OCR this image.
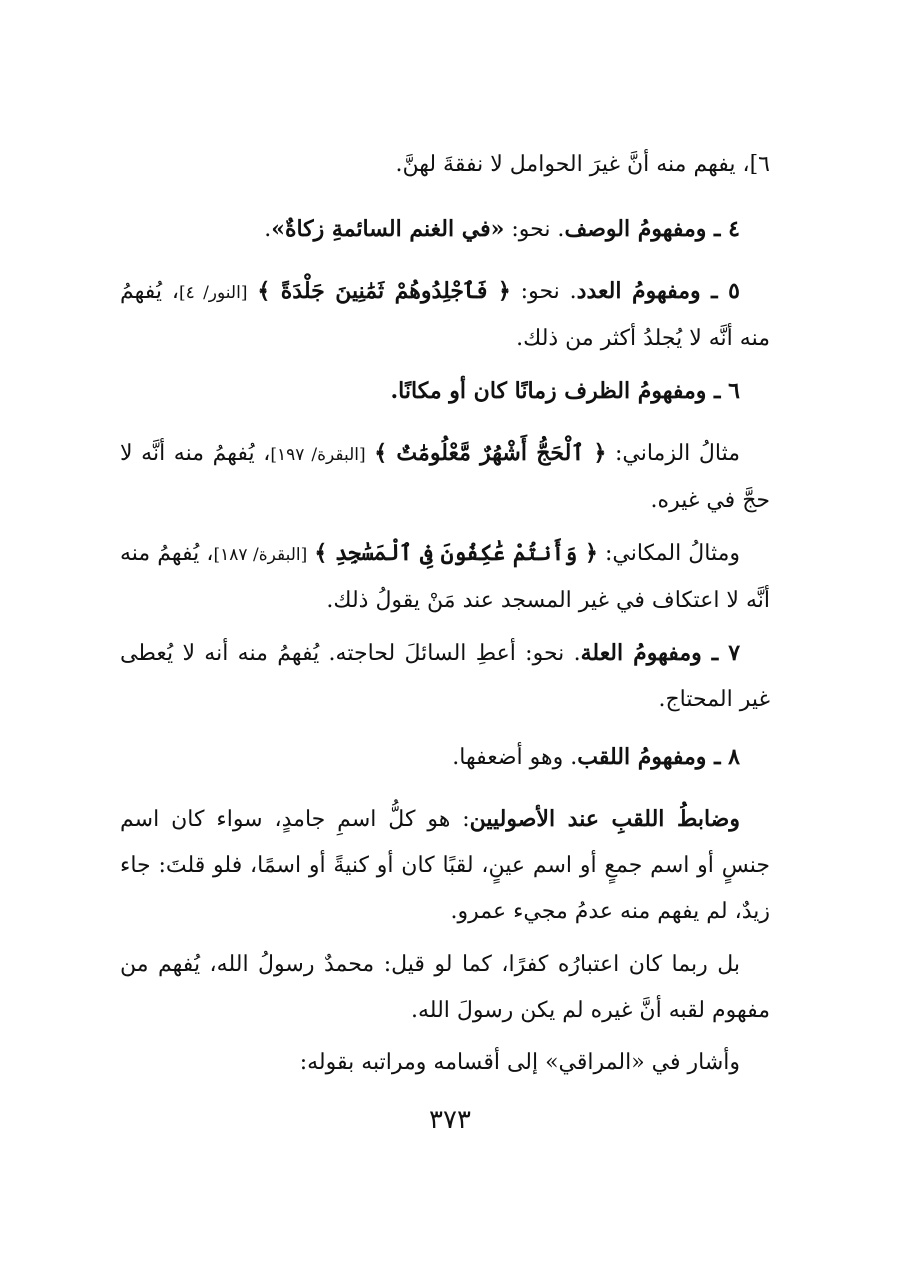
٦]، يفهم منه أنَّ غيرَ الحوامل لا نفقةَ لهنَّ.

٤ ـ ومفهومُ الوصف. نحو: «في الغنم السائمةِ زكاةٌ».

٥ ـ ومفهومُ العدد. نحو: ﴿ فَٱجْلِدُوهُمْ ثَمَٰنِينَ جَلْدَةً ﴾ [النور/ ٤]، يُفهمُ منه أنَّه لا يُجلدُ أكثر من ذلك.

٦ ـ ومفهومُ الظرف زمانًا كان أو مكانًا.

مثالُ الزماني: ﴿ ٱلْحَجُّ أَشْهُرٌ مَّعْلُومَٰتٌ ﴾ [البقرة/ ١٩٧]، يُفهمُ منه أنَّه لا حجَّ في غيره.

ومثالُ المكاني: ﴿ وَأَنتُمْ عَٰكِفُونَ فِى ٱلْمَسَٰجِدِ ﴾ [البقرة/ ١٨٧]، يُفهمُ منه أنَّه لا اعتكاف في غير المسجد عند مَنْ يقولُ ذلك.

٧ ـ ومفهومُ العلة. نحو: أعطِ السائلَ لحاجته. يُفهمُ منه أنه لا يُعطى غير المحتاج.

٨ ـ ومفهومُ اللقب. وهو أضعفها.

وضابطُ اللقبِ عند الأصوليين: هو كلُّ اسمِ جامدٍ، سواء كان اسم جنسٍ أو اسم جمعٍ أو اسم عينٍ، لقبًا كان أو كنيةً أو اسمًا، فلو قلتَ: جاء زيدٌ، لم يفهم منه عدمُ مجيء عمرو.

بل ربما كان اعتبارُه كفرًا، كما لو قيل: محمدٌ رسولُ الله، يُفهم من مفهوم لقبه أنَّ غيره لم يكن رسولَ الله.

وأشار في «المراقي» إلى أقسامه ومراتبه بقوله:

٣٧٣
